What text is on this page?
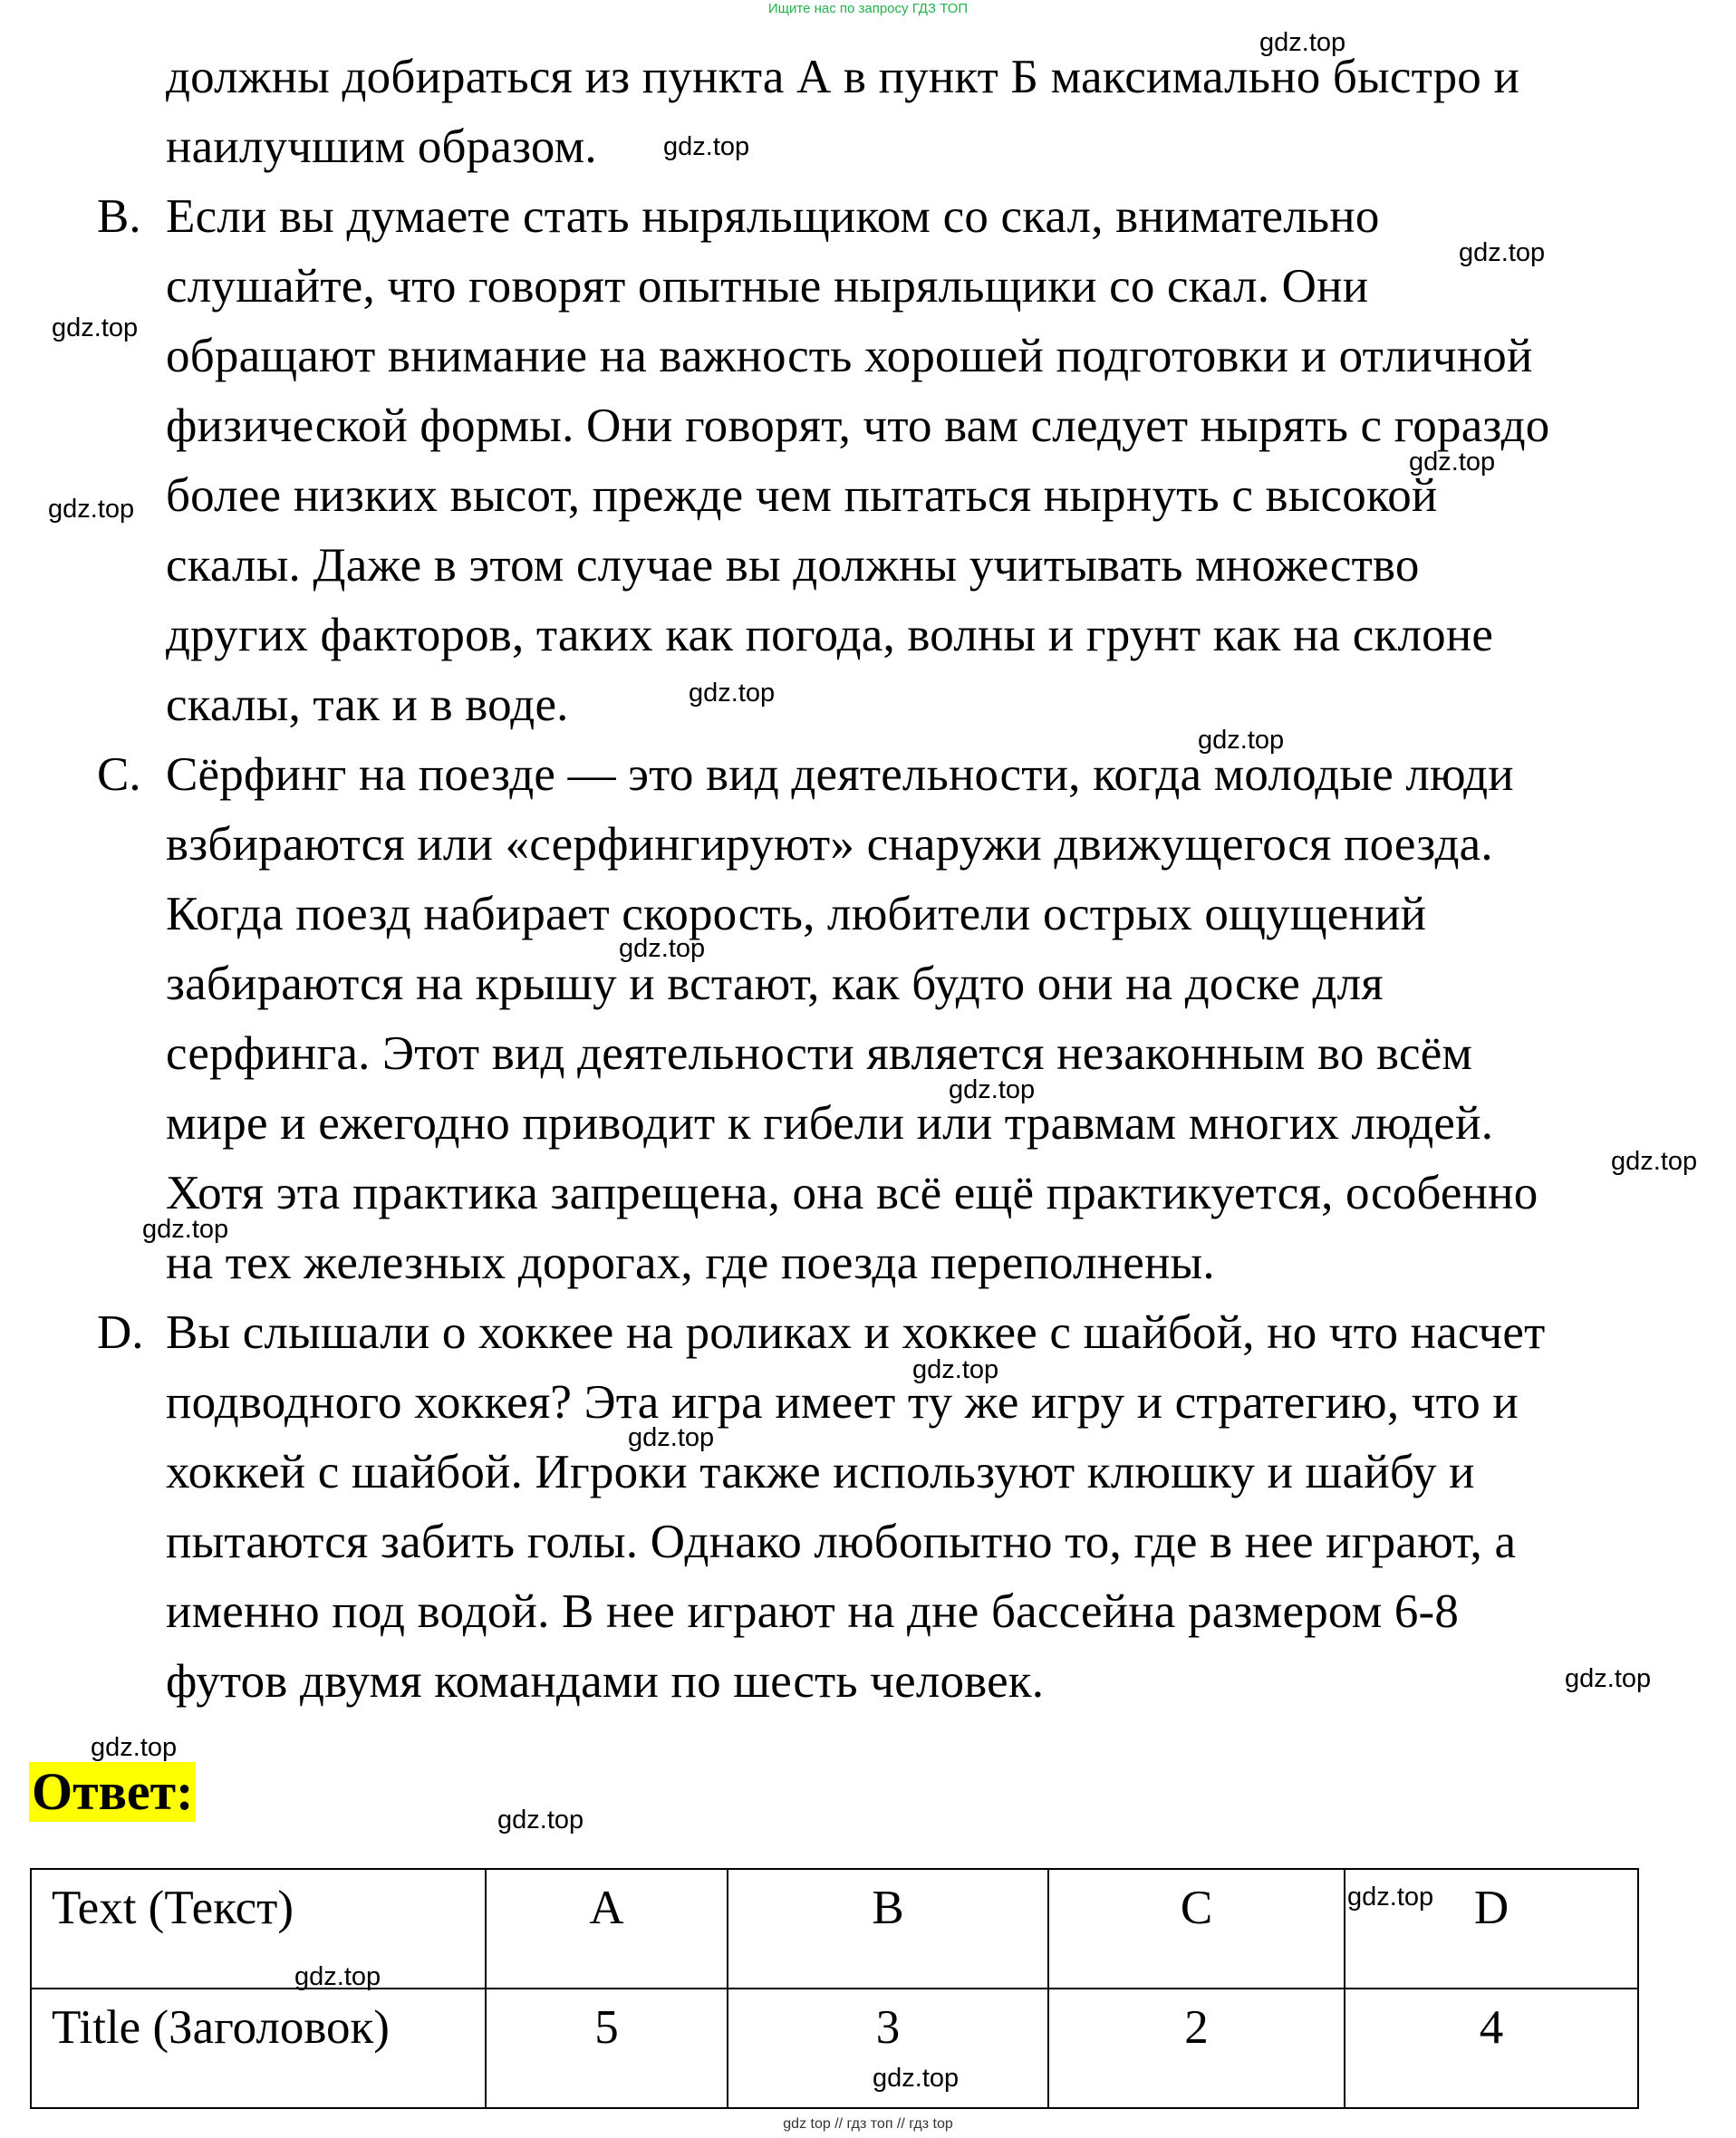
Ищите нас по запросу ГДЗ ТОП
должны добираться из пункта А в пункт Б максимально быстро и
наилучшим образом.
B. Если вы думаете стать ныряльщиком со скал, внимательно
слушайте, что говорят опытные ныряльщики со скал. Они
обращают внимание на важность хорошей подготовки и отличной
физической формы. Они говорят, что вам следует нырять с гораздо
более низких высот, прежде чем пытаться нырнуть с высокой
скалы. Даже в этом случае вы должны учитывать множество
других факторов, таких как погода, волны и грунт как на склоне
скалы, так и в воде.
C. Сёрфинг на поезде — это вид деятельности, когда молодые люди
взбираются или «серфингируют» снаружи движущегося поезда.
Когда поезд набирает скорость, любители острых ощущений
забираются на крышу и встают, как будто они на доске для
серфинга. Этот вид деятельности является незаконным во всём
мире и ежегодно приводит к гибели или травмам многих людей.
Хотя эта практика запрещена, она всё ещё практикуется, особенно
на тех железных дорогах, где поезда переполнены.
D. Вы слышали о хоккее на роликах и хоккее с шайбой, но что насчет
подводного хоккея? Эта игра имеет ту же игру и стратегию, что и
хоккей с шайбой. Игроки также используют клюшку и шайбу и
пытаются забить голы. Однако любопытно то, где в нее играют, а
именно под водой. В нее играют на дне бассейна размером 6-8
футов двумя командами по шесть человек.
Ответ:
Text (Текст)	A	B	C	D
Title (Заголовок)	5	3	2	4
gdz.top
gdz.top
gdz.top
gdz.top
gdz.top
gdz.top
gdz.top
gdz.top
gdz.top
gdz.top
gdz.top
gdz.top
gdz.top
gdz.top
gdz.top
gdz.top
gdz.top
gdz.top
gdz.top
gdz.top
gdz top // гдз топ // гдз top
